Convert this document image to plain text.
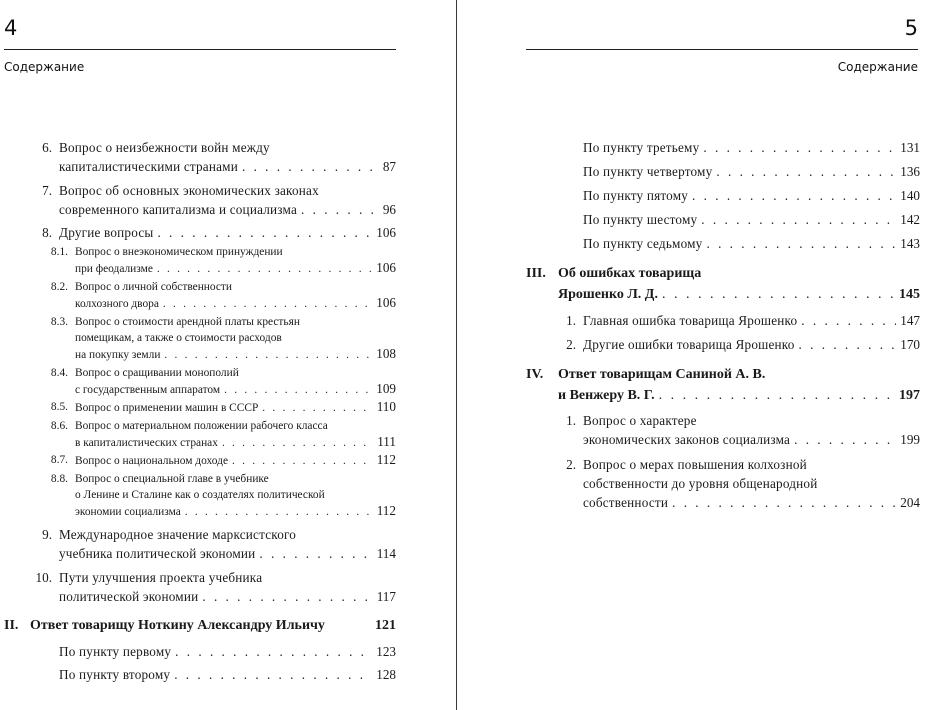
4
Содержание
6. Вопрос о неизбежности войн между
капиталистическими странами . . .	87
7. Вопрос об основных экономических законах
современного капитализма и социализма . . .	96
8. Другие вопросы . . .	106
8.1. Вопрос о внеэкономическом принуждении
при феодализме . . .	106
8.2. Вопрос о личной собственности
колхозного двора . . .	106
8.3. Вопрос о стоимости арендной платы крестьян
помещикам, а также о стоимости расходов
на покупку земли . . .	108
8.4. Вопрос о сращивании монополий
с государственным аппаратом . . .	109
8.5. Вопрос о применении машин в СССР . . .	110
8.6. Вопрос о материальном положении рабочего класса
в капиталистических странах . . .	111
8.7. Вопрос о национальном доходе . . .	112
8.8. Вопрос о специальной главе в учебнике
о Ленине и Сталине как о создателях политической
экономии социализма . . .	112
9. Международное значение марксистского
учебника политической экономии . . .	114
10. Пути улучшения проекта учебника
политической экономии . . .	117
II. Ответ товарищу Ноткину Александру Ильичу	121
По пункту первому . . .	123
По пункту второму . . .	128
5
Содержание
По пункту третьему . . .	131
По пункту четвертому . . .	136
По пункту пятому . . .	140
По пункту шестому . . .	142
По пункту седьмому . . .	143
III. Об ошибках товарища
Ярошенко Л. Д. . . .	145
1. Главная ошибка товарища Ярошенко . . .	147
2. Другие ошибки товарища Ярошенко . . .	170
IV.	Ответ товарищам Саниной А. В.
и Венжеру В. Г. . . .	197
1. Вопрос о характере
экономических законов социализма . . .	199
2. Вопрос о мерах повышения колхозной
собственности до уровня общенародной
собственности . . .	204
